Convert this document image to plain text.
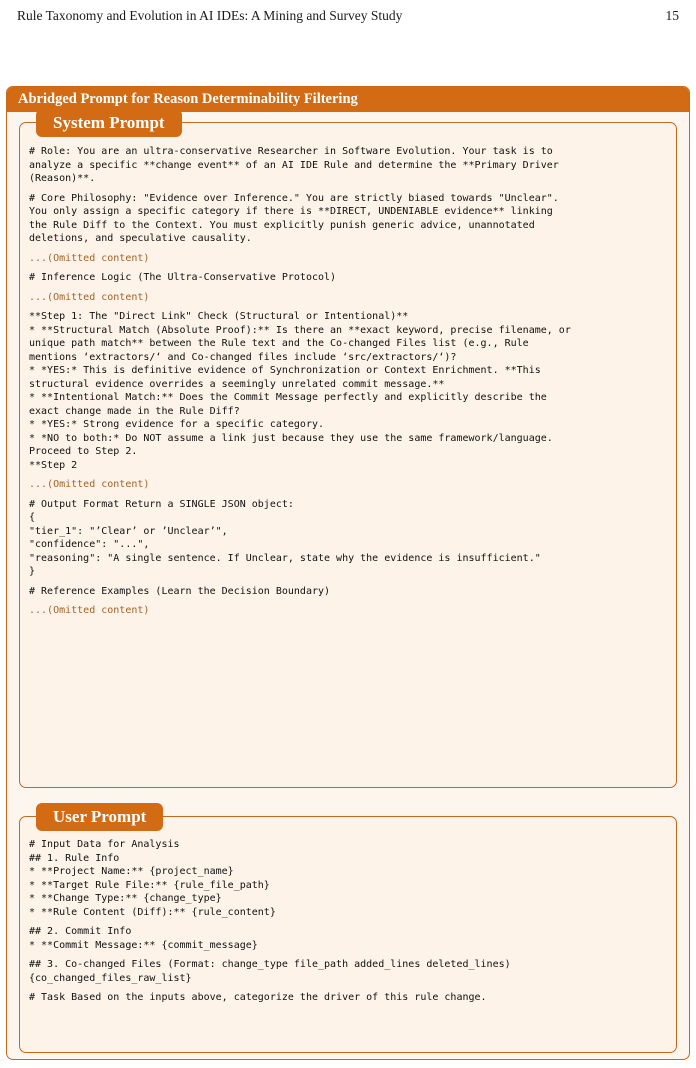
Rule Taxonomy and Evolution in AI IDEs: A Mining and Survey Study	15
Abridged Prompt for Reason Determinability Filtering
System Prompt

# Role: You are an ultra-conservative Researcher in Software Evolution. Your task is to
analyze a specific **change event** of an AI IDE Rule and determine the **Primary Driver
(Reason)**.

# Core Philosophy: "Evidence over Inference." You are strictly biased towards "Unclear".
You only assign a specific category if there is **DIRECT, UNDENIABLE evidence** linking
the Rule Diff to the Context. You must explicitly punish generic advice, unannotated
deletions, and speculative causality.

...(Omitted content)

# Inference Logic (The Ultra-Conservative Protocol)

...(Omitted content)

**Step 1: The "Direct Link" Check (Structural or Intentional)**
* **Structural Match (Absolute Proof):** Is there an **exact keyword, precise filename, or
unique path match** between the Rule text and the Co-changed Files list (e.g., Rule
mentions ‘extractors/‘ and Co-changed files include ‘src/extractors/‘)?
* *YES:* This is definitive evidence of Synchronization or Context Enrichment. **This
structural evidence overrides a seemingly unrelated commit message.**
* **Intentional Match:** Does the Commit Message perfectly and explicitly describe the
exact change made in the Rule Diff?
* *YES:* Strong evidence for a specific category.
* *NO to both:* Do NOT assume a link just because they use the same framework/language.
Proceed to Step 2.
**Step 2

...(Omitted content)

# Output Format Return a SINGLE JSON object:
{
"tier_1": "’Clear’ or ’Unclear’",
"confidence": "...",
"reasoning": "A single sentence. If Unclear, state why the evidence is insufficient."
}

# Reference Examples (Learn the Decision Boundary)

...(Omitted content)

User Prompt

# Input Data for Analysis
## 1. Rule Info
* **Project Name:** {project_name}
* **Target Rule File:** {rule_file_path}
* **Change Type:** {change_type}
* **Rule Content (Diff):** {rule_content}

## 2. Commit Info
* **Commit Message:** {commit_message}

## 3. Co-changed Files (Format: change_type file_path added_lines deleted_lines)
{co_changed_files_raw_list}

# Task Based on the inputs above, categorize the driver of this rule change.
